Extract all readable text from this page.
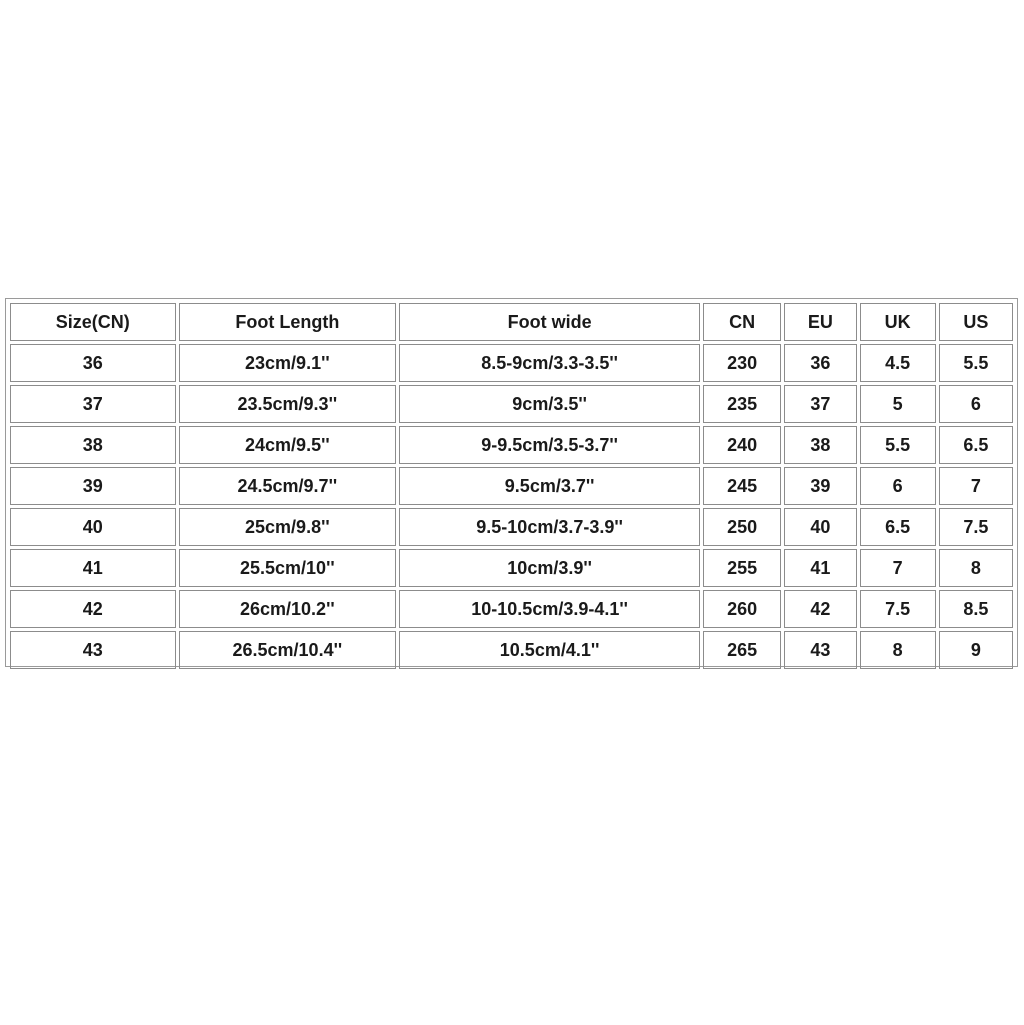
Size(CN)	Foot Length	Foot wide	CN	EU	UK	US
36	23cm/9.1''	8.5-9cm/3.3-3.5''	230	36	4.5	5.5
37	23.5cm/9.3''	9cm/3.5''	235	37	5	6
38	24cm/9.5''	9-9.5cm/3.5-3.7''	240	38	5.5	6.5
39	24.5cm/9.7''	9.5cm/3.7''	245	39	6	7
40	25cm/9.8''	9.5-10cm/3.7-3.9''	250	40	6.5	7.5
41	25.5cm/10''	10cm/3.9''	255	41	7	8
42	26cm/10.2''	10-10.5cm/3.9-4.1''	260	42	7.5	8.5
43	26.5cm/10.4''	10.5cm/4.1''	265	43	8	9
